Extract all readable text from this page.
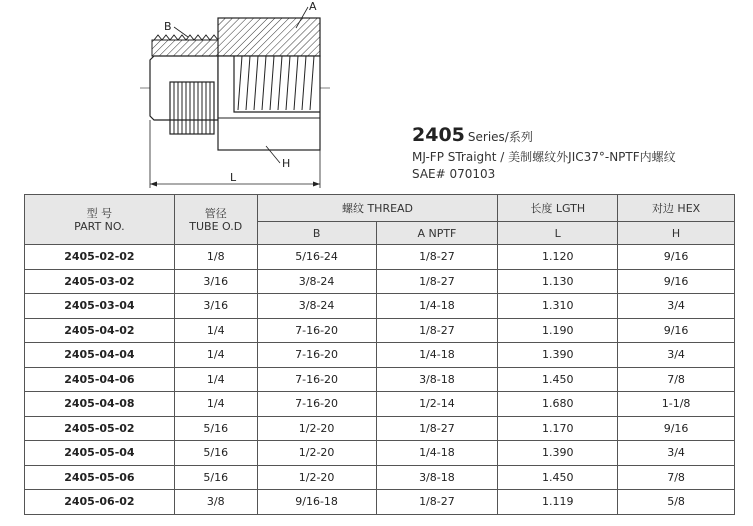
B
A
H
L
2405 Series/系列
MJ-FP STraight / 美制螺纹外JIC37°-NPTF内螺纹
SAE# 070103
型 号
PART NO.	管径
TUBE O.D	螺纹 THREAD		长度 LGTH	对边 HEX
		B	A NPTF	L	H
2405-02-02	1/8	5/16-24	1/8-27	1.120	9/16
2405-03-02	3/16	3/8-24	1/8-27	1.130	9/16
2405-03-04	3/16	3/8-24	1/4-18	1.310	3/4
2405-04-02	1/4	7-16-20	1/8-27	1.190	9/16
2405-04-04	1/4	7-16-20	1/4-18	1.390	3/4
2405-04-06	1/4	7-16-20	3/8-18	1.450	7/8
2405-04-08	1/4	7-16-20	1/2-14	1.680	1-1/8
2405-05-02	5/16	1/2-20	1/8-27	1.170	9/16
2405-05-04	5/16	1/2-20	1/4-18	1.390	3/4
2405-05-06	5/16	1/2-20	3/8-18	1.450	7/8
2405-06-02	3/8	9/16-18	1/8-27	1.119	5/8
